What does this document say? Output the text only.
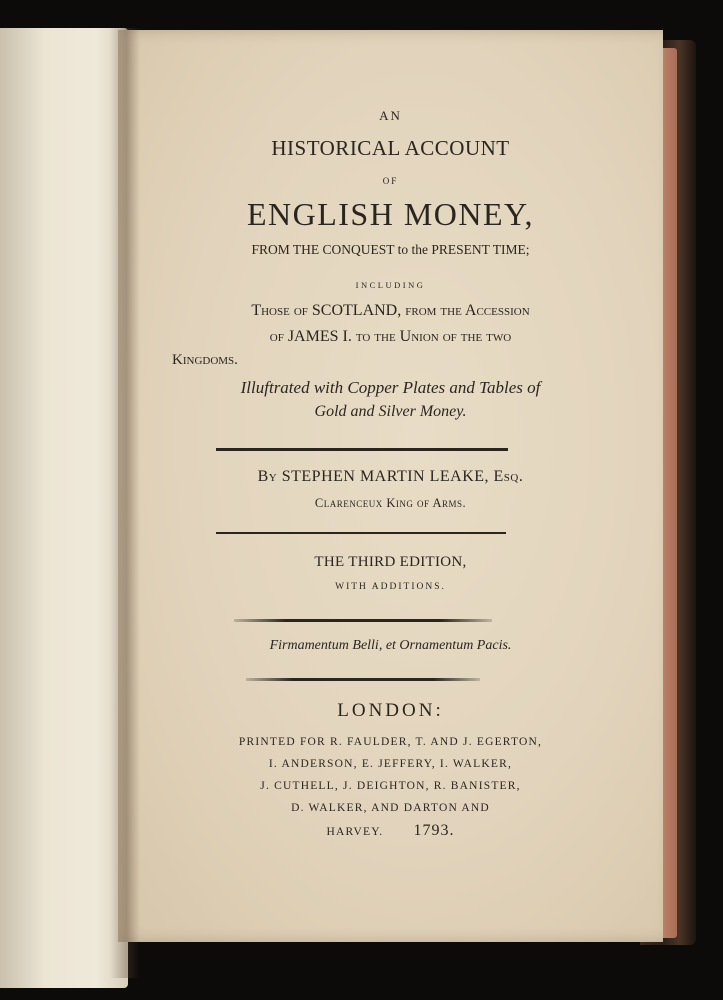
AN
HISTORICAL ACCOUNT
OF
ENGLISH MONEY,
FROM THE CONQUEST to the PRESENT TIME;
INCLUDING
Those of SCOTLAND, from the Accession
of JAMES I. to the Union of the two
Kingdoms.
Illuftrated with Copper Plates and Tables of
Gold and Silver Money.
By STEPHEN MARTIN LEAKE, Esq.
Clarenceux King of Arms.
THE THIRD EDITION,
WITH ADDITIONS.
Firmamentum Belli, et Ornamentum Pacis.
LONDON:
PRINTED FOR R. FAULDER, T. AND J. EGERTON,
I. ANDERSON, E. JEFFERY, I. WALKER,
J. CUTHELL, J. DEIGHTON, R. BANISTER,
D. WALKER, AND DARTON AND
HARVEY. 1793.
